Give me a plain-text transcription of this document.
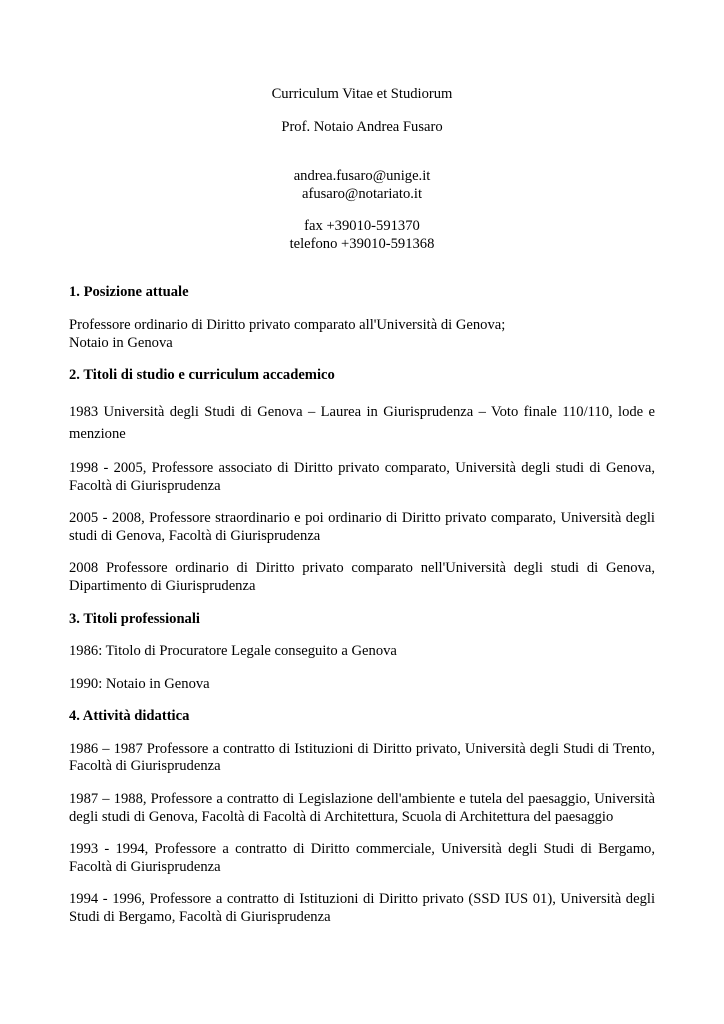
Curriculum Vitae et Studiorum

Prof. Notaio Andrea Fusaro

andrea.fusaro@unige.it

afusaro@notariato.it

fax +39010-591370

telefono +39010-591368

1. Posizione attuale

Professore ordinario di Diritto privato comparato all'Università di Genova;

Notaio in Genova

2. Titoli di studio e curriculum accademico

1983 Università degli Studi di Genova – Laurea in Giurisprudenza – Voto finale 110/110, lode e menzione

1998 - 2005, Professore associato di Diritto privato comparato, Università degli studi di Genova, Facoltà di Giurisprudenza

2005 - 2008, Professore straordinario e poi ordinario di Diritto privato comparato, Università degli studi di Genova, Facoltà di Giurisprudenza

2008 Professore ordinario di Diritto privato comparato nell'Università degli studi di Genova, Dipartimento di Giurisprudenza

3. Titoli professionali

1986: Titolo di Procuratore Legale conseguito a Genova

1990: Notaio in Genova

4. Attività didattica

1986 – 1987 Professore a contratto di Istituzioni di Diritto privato, Università degli Studi di Trento, Facoltà di Giurisprudenza

1987 – 1988, Professore a contratto di Legislazione dell'ambiente e tutela del paesaggio, Università degli studi di Genova, Facoltà di Facoltà di Architettura, Scuola di Architettura del paesaggio

1993 - 1994, Professore a contratto di Diritto commerciale, Università degli Studi di Bergamo, Facoltà di Giurisprudenza

1994 - 1996, Professore a contratto di Istituzioni di Diritto privato (SSD IUS 01), Università degli Studi di Bergamo, Facoltà di Giurisprudenza
